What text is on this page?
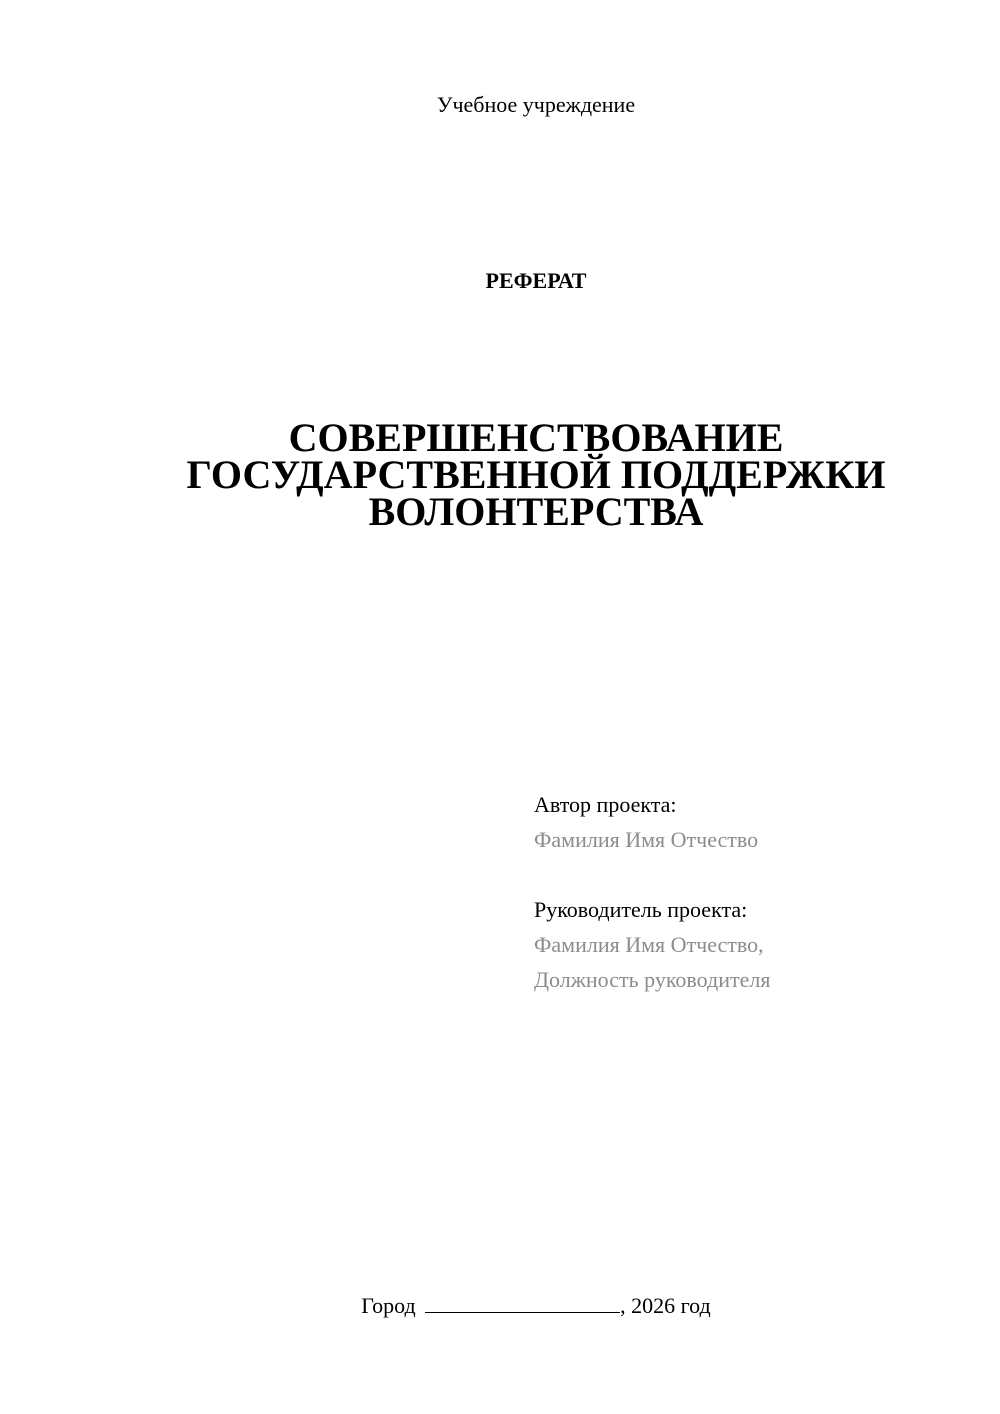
Учебное учреждение
РЕФЕРАТ
СОВЕРШЕНСТВОВАНИЕ
ГОСУДАРСТВЕННОЙ ПОДДЕРЖКИ
ВОЛОНТЕРСТВА
Автор проекта:
Фамилия Имя Отчество
Руководитель проекта:
Фамилия Имя Отчество,
Должность руководителя
Город	, 2026 год
